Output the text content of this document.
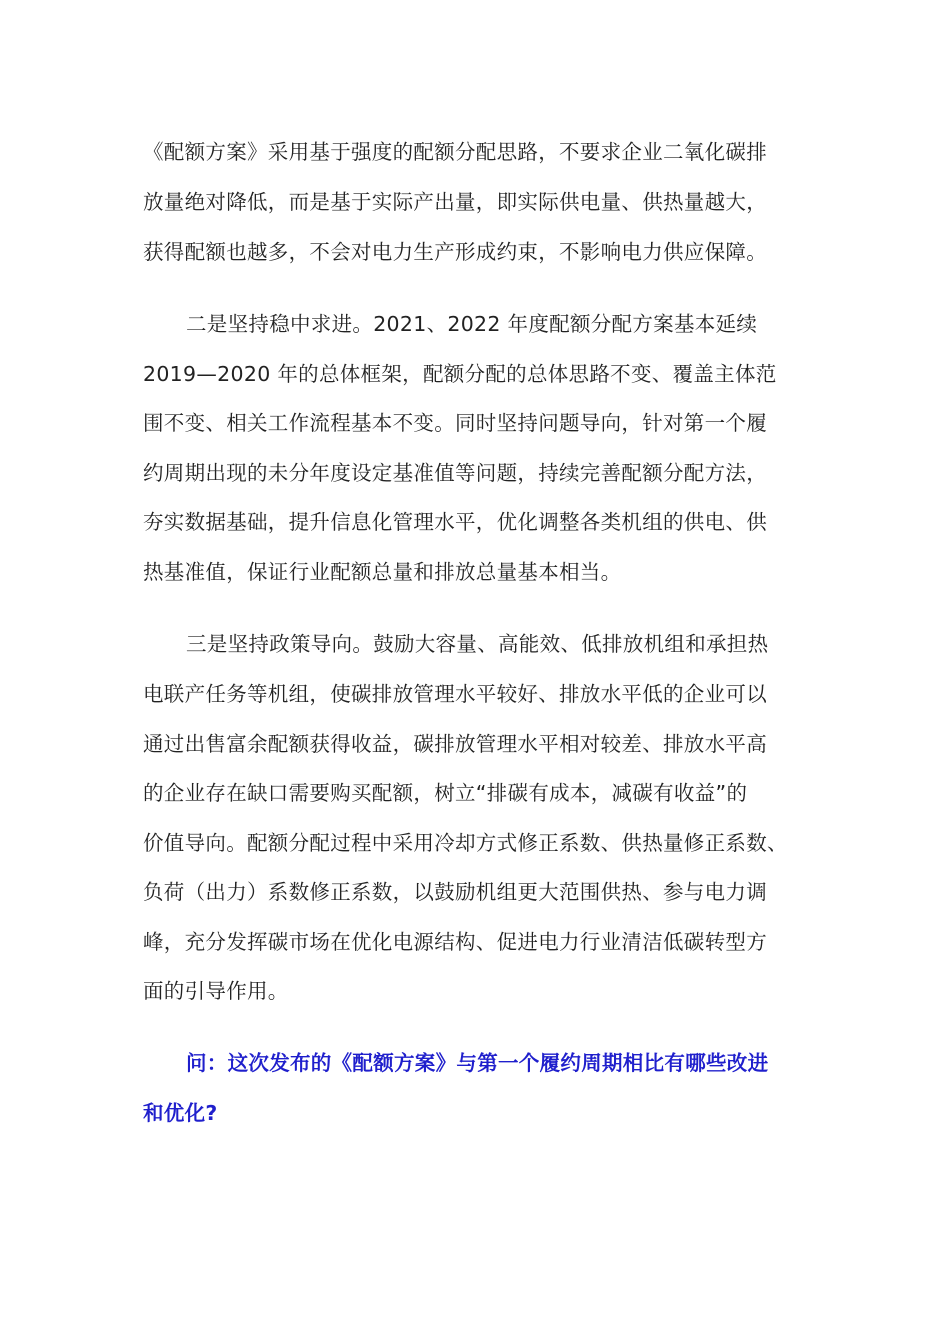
《配额方案》采用基于强度的配额分配思路，不要求企业二氧化碳排
放量绝对降低，而是基于实际产出量，即实际供电量、供热量越大，
获得配额也越多，不会对电力生产形成约束，不影响电力供应保障。
二是坚持稳中求进。2021、2022 年度配额分配方案基本延续
2019—2020 年的总体框架，配额分配的总体思路不变、覆盖主体范
围不变、相关工作流程基本不变。同时坚持问题导向，针对第一个履
约周期出现的未分年度设定基准值等问题，持续完善配额分配方法，
夯实数据基础，提升信息化管理水平，优化调整各类机组的供电、供
热基准值，保证行业配额总量和排放总量基本相当。
三是坚持政策导向。鼓励大容量、高能效、低排放机组和承担热
电联产任务等机组，使碳排放管理水平较好、排放水平低的企业可以
通过出售富余配额获得收益，碳排放管理水平相对较差、排放水平高
的企业存在缺口需要购买配额，树立“排碳有成本，减碳有收益”的
价值导向。配额分配过程中采用冷却方式修正系数、供热量修正系数、
负荷（出力）系数修正系数，以鼓励机组更大范围供热、参与电力调
峰，充分发挥碳市场在优化电源结构、促进电力行业清洁低碳转型方
面的引导作用。
问：这次发布的《配额方案》与第一个履约周期相比有哪些改进
和优化?
